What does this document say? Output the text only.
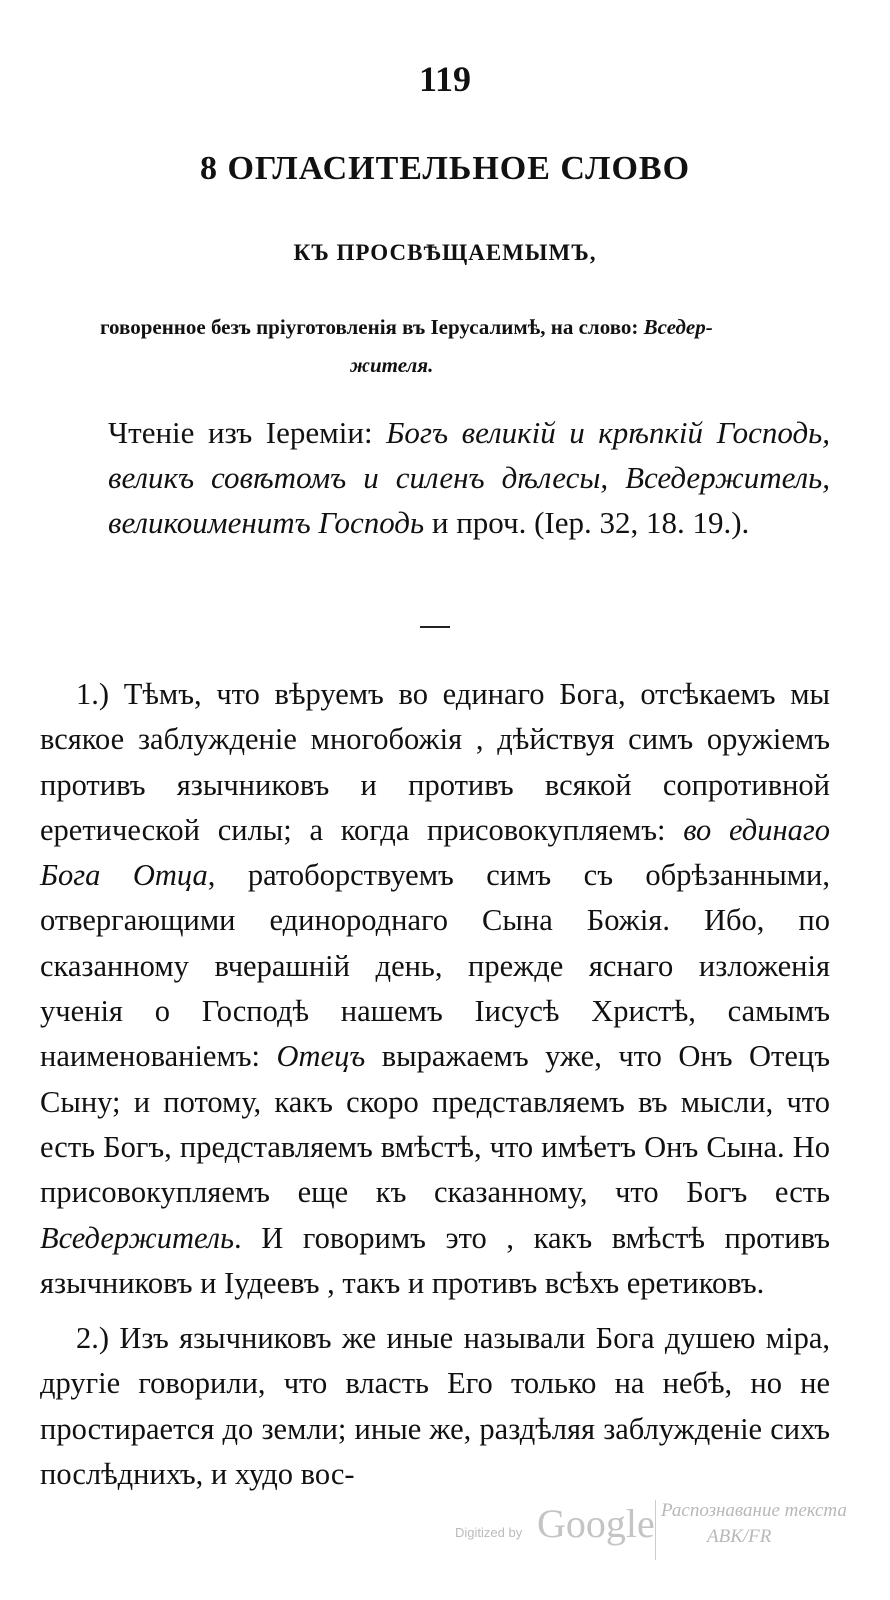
119
8 ОГЛАСИТЕЛЬНОЕ СЛОВО
КЪ ПРОСВѢЩАЕМЫМЪ,
говоренное безъ пріуготовленія въ Іерусалимѣ, на слово: Вседер-
жителя.
Чтеніе изъ Іереміи: Богъ великій и крѣпкій Господь, великъ совѣтомъ и силенъ дѣлесы, Вседержитель, великоименитъ Господь и проч. (Іер. 32, 18. 19.).

1.) Тѣмъ, что вѣруемъ во единаго Бога, отсѣкаемъ мы всякое заблужденіе многобожія , дѣйствуя симъ оружіемъ противъ язычниковъ и противъ всякой сопротивной еретической силы; а когда присовокупляемъ: во единаго Бога Отца, ратоборствуемъ симъ съ обрѣзанными, отвергающими единороднаго Сына Божія. Ибо, по сказанному вчерашній день, прежде яснаго изложенія ученія о Господѣ нашемъ Іисусѣ Христѣ, самымъ наименованіемъ: Отецъ выражаемъ уже, что Онъ Отецъ Сыну; и потому, какъ скоро представляемъ въ мысли, что есть Богъ, представляемъ вмѣстѣ, что имѣетъ Онъ Сына. Но присовокупляемъ еще къ сказанному, что Богъ есть Вседержитель. И говоримъ это , какъ вмѣстѣ противъ язычниковъ и Іудеевъ , такъ и противъ всѣхъ еретиковъ.

2.) Изъ язычниковъ же иные называли Бога душею міра, другіе говорили, что власть Его только на небѣ, но не простирается до земли; иные же, раздѣляя заблужденіе сихъ послѣднихъ, и худо вос-

Digitized by Google Распознавание текста
ABK/FR
